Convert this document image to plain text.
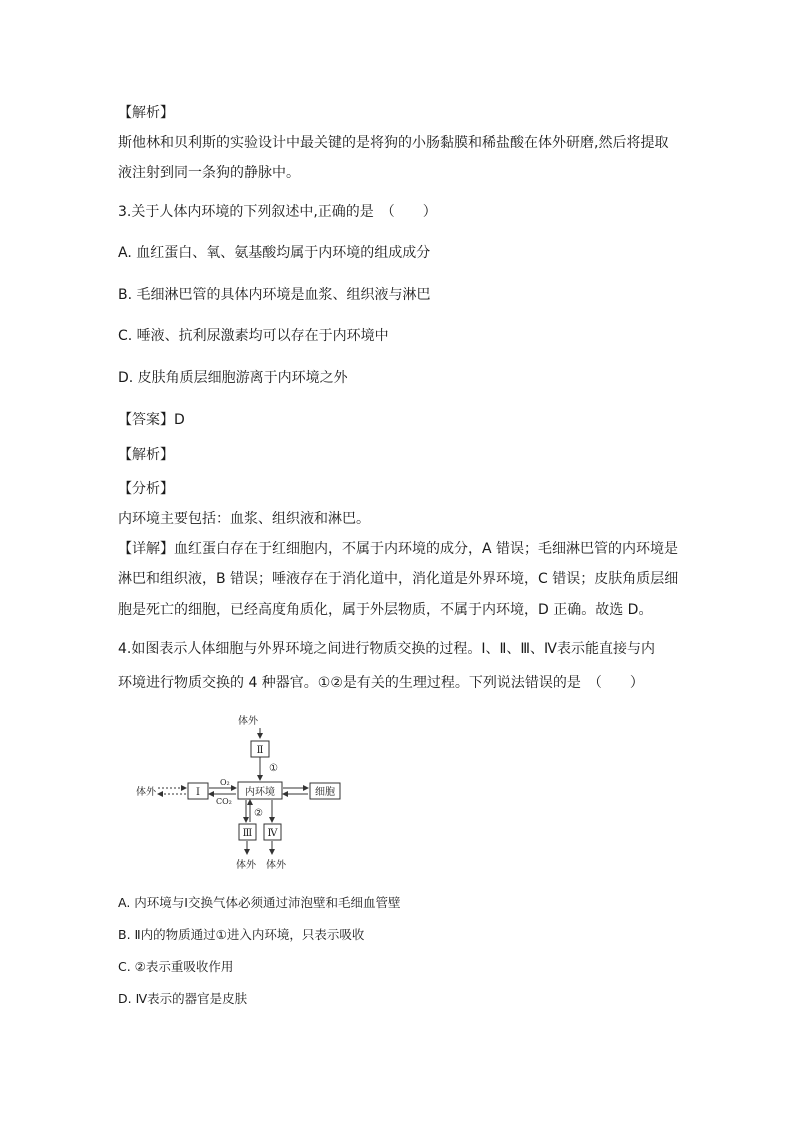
【解析】
斯他林和贝利斯的实验设计中最关键的是将狗的小肠黏膜和稀盐酸在体外研磨,然后将提取
液注射到同一条狗的静脉中。
3.关于人体内环境的下列叙述中,正确的是　（　　）
A. 血红蛋白、氧、氨基酸均属于内环境的组成成分
B. 毛细淋巴管的具体内环境是血浆、组织液与淋巴
C. 唾液、抗利尿激素均可以存在于内环境中
D. 皮肤角质层细胞游离于内环境之外
【答案】D
【解析】
【分析】
内环境主要包括：血浆、组织液和淋巴。
【详解】血红蛋白存在于红细胞内，不属于内环境的成分，A 错误；毛细淋巴管的内环境是
淋巴和组织液，B 错误；唾液存在于消化道中，消化道是外界环境，C 错误；皮肤角质层细
胞是死亡的细胞，已经高度角质化，属于外层物质，不属于内环境，D 正确。故选 D。
4.如图表示人体细胞与外界环境之间进行物质交换的过程。Ⅰ、Ⅱ、Ⅲ、Ⅳ表示能直接与内
环境进行物质交换的 4 种器官。①②是有关的生理过程。下列说法错误的是　（　　）
体外
Ⅱ
①
体外	Ⅰ
O₂
CO₂
内环境	细胞
②
Ⅲ Ⅳ
体外 体外
A. 内环境与Ⅰ交换气体必须通过沛泡壁和毛细血管壁
B. Ⅱ内的物质通过①进入内环境，只表示吸收
C. ②表示重吸收作用
D. Ⅳ表示的器官是皮肤
